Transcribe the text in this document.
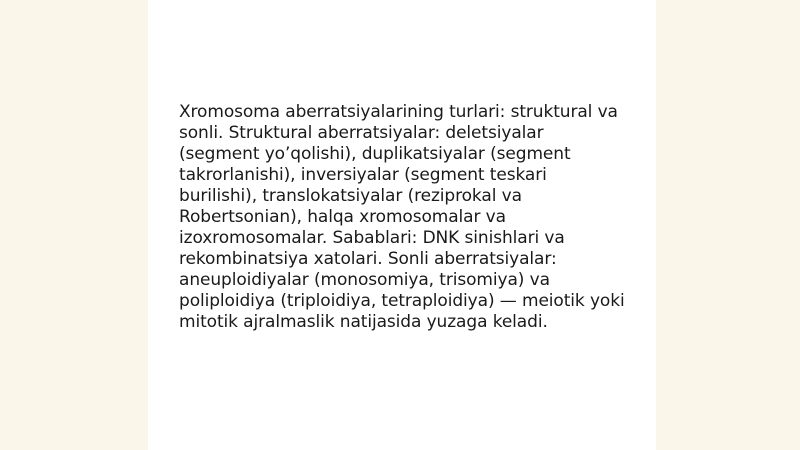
Xromosoma aberratsiyalarining turlari: struktural va sonli. Struktural aberratsiyalar: deletsiyalar (segment yo’qolishi), duplikatsiyalar (segment takrorlanishi), inversiyalar (segment teskari burilishi), translokatsiyalar (reziprokal va Robertsonian), halqa xromosomalar va izoxromosomalar. Sabablari: DNK sinishlari va rekombinatsiya xatolari. Sonli aberratsiyalar: aneuploidiyalar (monosomiya, trisomiya) va poliploidiya (triploidiya, tetraploidiya) — meiotik yoki mitotik ajralmaslik natijasida yuzaga keladi.
